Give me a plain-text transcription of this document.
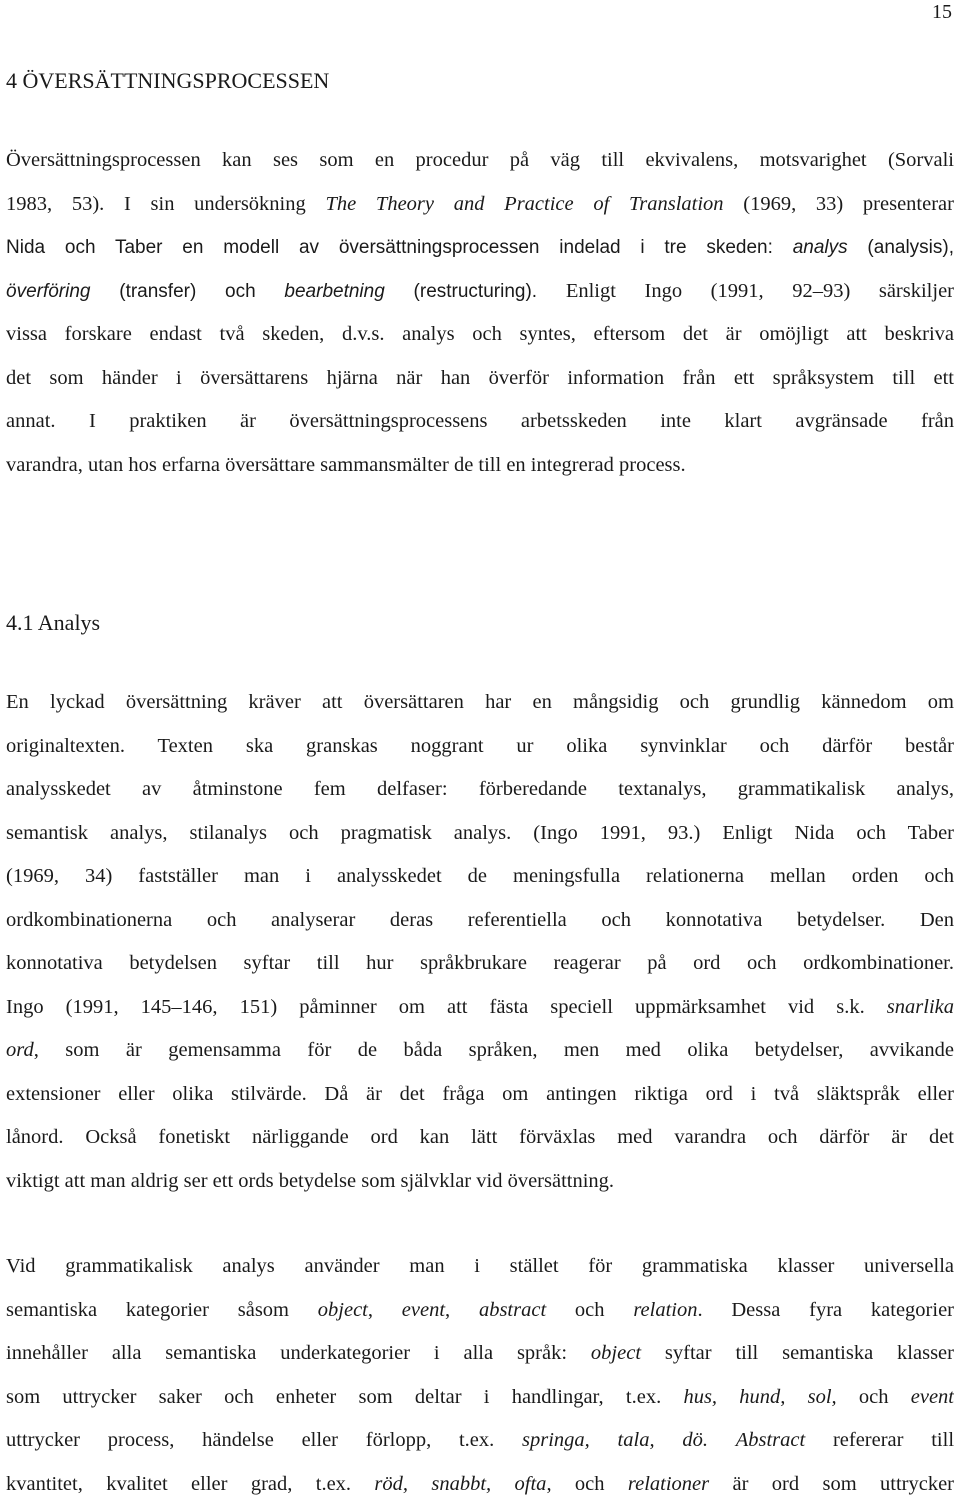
15
4 ÖVERSÄTTNINGSPROCESSEN
Översättningsprocessen kan ses som en procedur på väg till ekvivalens, motsvarighet (Sorvali
1983, 53). I sin undersökning The Theory and Practice of Translation (1969, 33) presenterar
Nida och Taber en modell av översättningsprocessen indelad i tre skeden: analys (analysis),
överföring (transfer) och bearbetning (restructuring). Enligt Ingo (1991, 92–93) särskiljer
vissa forskare endast två skeden, d.v.s. analys och syntes, eftersom det är omöjligt att beskriva
det som händer i översättarens hjärna när han överför information från ett språksystem till ett
annat. I praktiken är översättningsprocessens arbetsskeden inte klart avgränsade från
varandra, utan hos erfarna översättare sammansmälter de till en integrerad process.
4.1 Analys
En lyckad översättning kräver att översättaren har en mångsidig och grundlig kännedom om
originaltexten. Texten ska granskas noggrant ur olika synvinklar och därför består
analysskedet av åtminstone fem delfaser: förberedande textanalys, grammatikalisk analys,
semantisk analys, stilanalys och pragmatisk analys. (Ingo 1991, 93.) Enligt Nida och Taber
(1969, 34) fastställer man i analysskedet de meningsfulla relationerna mellan orden och
ordkombinationerna och analyserar deras referentiella och konnotativa betydelser. Den
konnotativa betydelsen syftar till hur språkbrukare reagerar på ord och ordkombinationer.
Ingo (1991, 145–146, 151) påminner om att fästa speciell uppmärksamhet vid s.k. snarlika
ord, som är gemensamma för de båda språken, men med olika betydelser, avvikande
extensioner eller olika stilvärde. Då är det fråga om antingen riktiga ord i två släktspråk eller
lånord. Också fonetiskt närliggande ord kan lätt förväxlas med varandra och därför är det
viktigt att man aldrig ser ett ords betydelse som självklar vid översättning.
Vid grammatikalisk analys använder man i stället för grammatiska klasser universella
semantiska kategorier såsom object, event, abstract och relation. Dessa fyra kategorier
innehåller alla semantiska underkategorier i alla språk: object syftar till semantiska klasser
som uttrycker saker och enheter som deltar i handlingar, t.ex. hus, hund, sol, och event
uttrycker process, händelse eller förlopp, t.ex. springa, tala, dö. Abstract refererar till
kvantitet, kvalitet eller grad, t.ex. röd, snabbt, ofta, och relationer är ord som uttrycker
